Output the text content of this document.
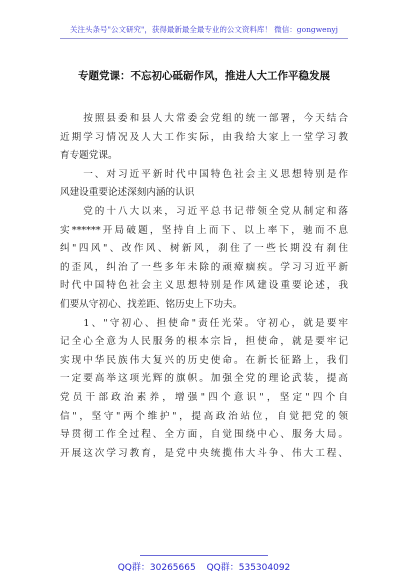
关注头条号"公文研究"，获得最新最全最专业的公文资料库！ 微信：gongwenyj
专题党课：不忘初心砥砺作风，推进人大工作平稳发展

　　按照县委和县人大常委会党组的统一部署，今天结合
近期学习情况及人大工作实际，由我给大家上一堂学习教
育专题党课。

　　一、对习近平新时代中国特色社会主义思想特别是作
风建设重要论述深刻内涵的认识

　　党的十八大以来，习近平总书记带领全党从制定和落
实******开局破题，坚持自上而下、以上率下，驰而不息
纠"四风"、改作风、树新风，刹住了一些长期没有刹住
的歪风，纠治了一些多年未除的顽瘴痼疾。学习习近平新
时代中国特色社会主义思想特别是作风建设重要论述，我
们要从守初心、找差距、铭历史上下功夫。

　　1、"守初心、担使命"责任光荣。守初心，就是要牢
记全心全意为人民服务的根本宗旨，担使命，就是要牢记
实现中华民族伟大复兴的历史使命。在新长征路上，我们
一定要高举这项光辉的旗帜。加强全党的理论武装，提高
党员干部政治素养，增强"四个意识"，坚定"四个自
信"，坚守"两个维护"，提高政治站位，自觉把党的领
导贯彻工作全过程、全方面，自觉围绕中心、服务大局。
开展这次学习教育，是党中央统揽伟大斗争、伟大工程、

QQ群：30265665 QQ群：535304092
